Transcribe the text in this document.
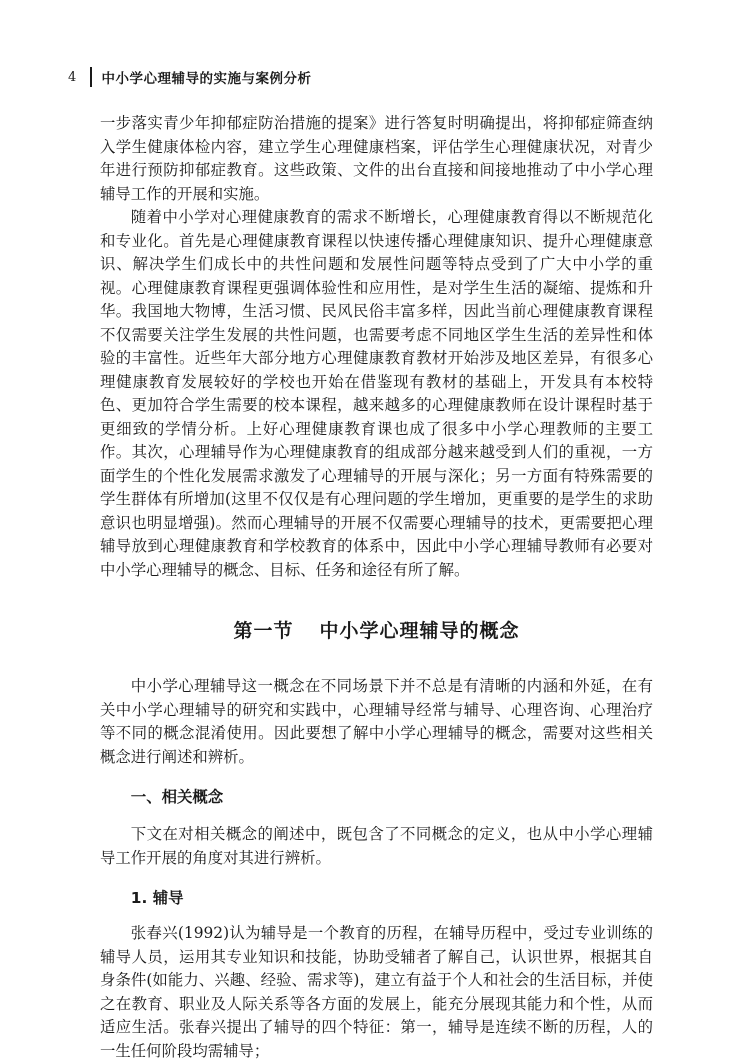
4	中小学心理辅导的实施与案例分析

一步落实青少年抑郁症防治措施的提案》进行答复时明确提出，将抑郁症筛查纳入学生健康体检内容，建立学生心理健康档案，评估学生心理健康状况，对青少年进行预防抑郁症教育。这些政策、文件的出台直接和间接地推动了中小学心理辅导工作的开展和实施。

随着中小学对心理健康教育的需求不断增长，心理健康教育得以不断规范化和专业化。首先是心理健康教育课程以快速传播心理健康知识、提升心理健康意识、解决学生们成长中的共性问题和发展性问题等特点受到了广大中小学的重视。心理健康教育课程更强调体验性和应用性，是对学生生活的凝缩、提炼和升华。我国地大物博，生活习惯、民风民俗丰富多样，因此当前心理健康教育课程不仅需要关注学生发展的共性问题，也需要考虑不同地区学生生活的差异性和体验的丰富性。近些年大部分地方心理健康教育教材开始涉及地区差异，有很多心理健康教育发展较好的学校也开始在借鉴现有教材的基础上，开发具有本校特色、更加符合学生需要的校本课程，越来越多的心理健康教师在设计课程时基于更细致的学情分析。上好心理健康教育课也成了很多中小学心理教师的主要工作。其次，心理辅导作为心理健康教育的组成部分越来越受到人们的重视，一方面学生的个性化发展需求激发了心理辅导的开展与深化；另一方面有特殊需要的学生群体有所增加(这里不仅仅是有心理问题的学生增加，更重要的是学生的求助意识也明显增强)。然而心理辅导的开展不仅需要心理辅导的技术，更需要把心理辅导放到心理健康教育和学校教育的体系中，因此中小学心理辅导教师有必要对中小学心理辅导的概念、目标、任务和途径有所了解。

第一节 中小学心理辅导的概念

中小学心理辅导这一概念在不同场景下并不总是有清晰的内涵和外延，在有关中小学心理辅导的研究和实践中，心理辅导经常与辅导、心理咨询、心理治疗等不同的概念混淆使用。因此要想了解中小学心理辅导的概念，需要对这些相关概念进行阐述和辨析。

一、相关概念

下文在对相关概念的阐述中，既包含了不同概念的定义，也从中小学心理辅导工作开展的角度对其进行辨析。

1. 辅导

张春兴(1992)认为辅导是一个教育的历程，在辅导历程中，受过专业训练的辅导人员，运用其专业知识和技能，协助受辅者了解自己，认识世界，根据其自身条件(如能力、兴趣、经验、需求等)，建立有益于个人和社会的生活目标，并使之在教育、职业及人际关系等各方面的发展上，能充分展现其能力和个性，从而适应生活。张春兴提出了辅导的四个特征：第一，辅导是连续不断的历程，人的一生任何阶段均需辅导；
